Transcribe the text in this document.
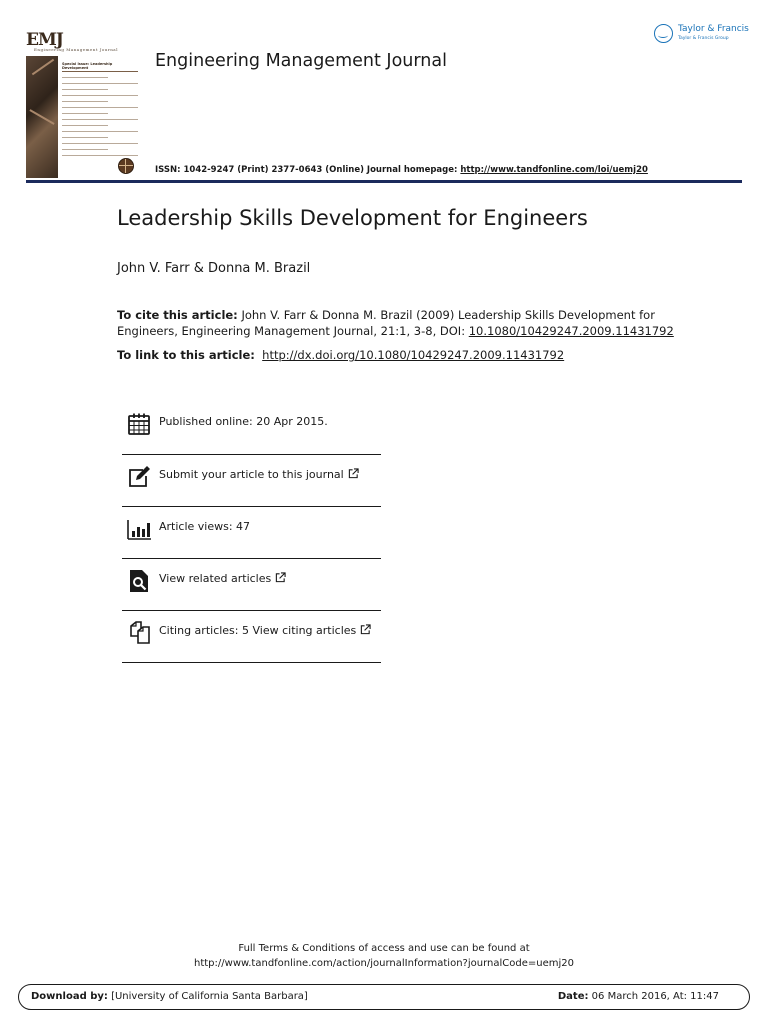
EMJ
Engineering Management Journal
Special Issue: Leadership Development	Engineering Management Journal
Taylor & Francis
Taylor & Francis Group
ISSN: 1042-9247 (Print) 2377-0643 (Online) Journal homepage: http://www.tandfonline.com/loi/uemj20
Leadership Skills Development for Engineers
John V. Farr & Donna M. Brazil
To cite this article: John V. Farr & Donna M. Brazil (2009) Leadership Skills Development for Engineers, Engineering Management Journal, 21:1, 3-8, DOI: 10.1080/10429247.2009.11431792
To link to this article: http://dx.doi.org/10.1080/10429247.2009.11431792
Published online: 20 Apr 2015.
Submit your article to this journal
Article views: 47
View related articles
Citing articles: 5 View citing articles
Full Terms & Conditions of access and use can be found at
http://www.tandfonline.com/action/journalInformation?journalCode=uemj20
Download by: [University of California Santa Barbara]	Date: 06 March 2016, At: 11:47
